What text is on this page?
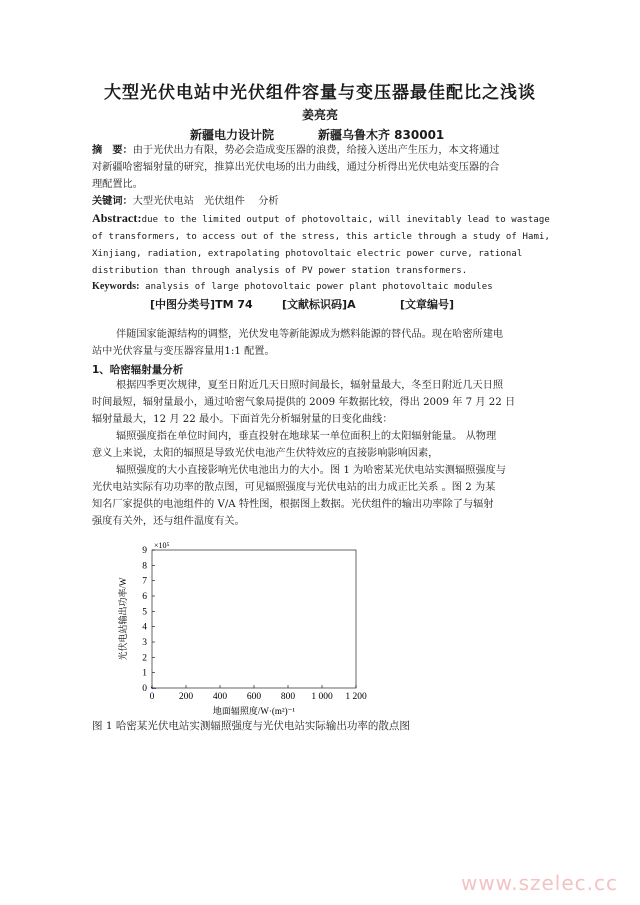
大型光伏电站中光伏组件容量与变压器最佳配比之浅谈
姜亮亮
新疆电力设计院	新疆乌鲁木齐 830001
摘　要：由于光伏出力有限，势必会造成变压器的浪费，给接入送出产生压力，本文将通过
对新疆哈密辐射量的研究，推算出光伏电场的出力曲线，通过分析得出光伏电站变压器的合
理配置比。
关键词：大型光伏电站　光伏组件　 分析
Abstract:due to the limited output of photovoltaic, will inevitably lead to wastage
of transformers, to access out of the stress, this article through a study of Hami,
Xinjiang, radiation, extrapolating photovoltaic electric power curve, rational
distribution than through analysis of PV power station transformers.
Keywords: analysis of large photovoltaic power plant photovoltaic modules
[中图分类号]TM 74	[文献标识码]A	[文章编号]
伴随国家能源结构的调整，光伏发电等新能源成为燃料能源的替代品。现在哈密所建电
站中光伏容量与变压器容量用1:1 配置。
1、哈密辐射量分析
根据四季更次规律，夏至日附近几天日照时间最长，辐射量最大，冬至日附近几天日照
时间最短，辐射量最小，通过哈密气象局提供的 2009 年数据比较，得出 2009 年 7 月 22 日
辐射量最大，12 月 22 最小。下面首先分析辐射量的日变化曲线：
辐照强度指在单位时间内，垂直投射在地球某一单位面积上的太阳辐射能量。 从物理
意义上来说，太阳的辐照是导致光伏电池产生伏特效应的直接影响影响因素，
辐照强度的大小直接影响光伏电池出力的大小。图 1 为哈密某光伏电站实测辐照强度与
光伏电站实际有功功率的散点图，可见辐照强度与光伏电站的出力成正比关系 。图 2 为某
知名厂家提供的电池组件的 V/A 特性图，根据图上数据。光伏组件的输出功率除了与辐射
强度有关外，还与组件温度有关。
0	200 400 600 800 1 000 1 200
0
1
2
3
4
5
6
7
8
9
×10⁵
地面辐照度/W·(m²)⁻¹
光伏电站输出功率/W
图 1 哈密某光伏电站实测辐照强度与光伏电站实际输出功率的散点图
www.szelec.cc
